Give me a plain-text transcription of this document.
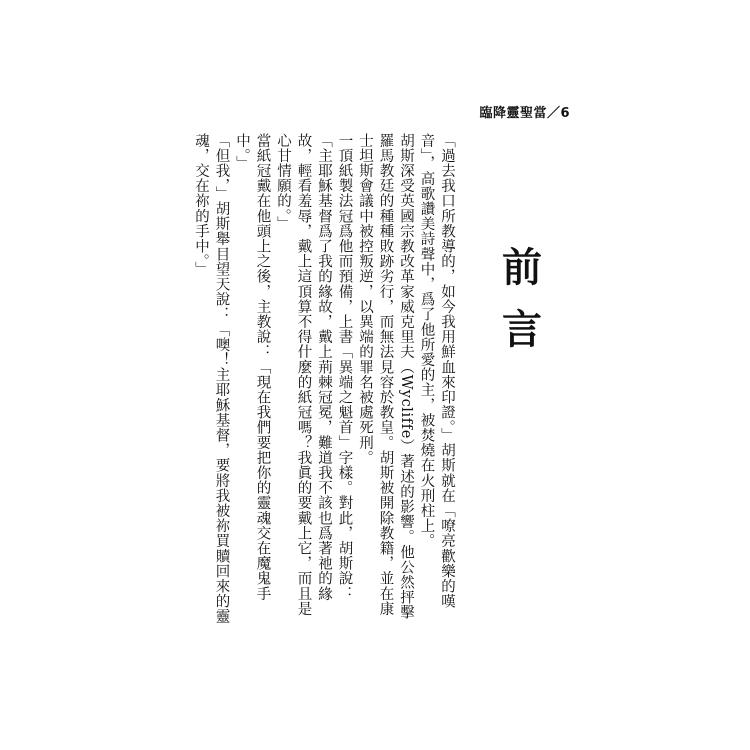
臨降靈聖當／6
前
言

「過去我口所教導的，如今我用鮮血來印證。」胡斯就在「嘹亮歡樂的嘆音」，高歌讚美詩聲中，爲了他所愛的主，被焚燒在火刑柱上。

胡斯深受英國宗教改革家威克里夫（Wycliffe）著述的影響。他公然抨擊羅馬教廷的種種敗跡劣行，而無法見容於教皇。胡斯被開除教籍，並在康士坦斯會議中被控叛逆，以異端的罪名被處死刑。

一頂紙製法冠爲他而預備，上書「異端之魁首」字樣。對此，胡斯說：「主耶穌基督爲了我的緣故，戴上荊棘冠冕，難道我不該也爲著祂的緣故，輕看羞辱，戴上這頂算不得什麼的紙冠嗎？我眞的要戴上它，而且是心甘情願的。」

當紙冠戴在他頭上之後，主教說：「現在我們要把你的靈魂交在魔鬼手中。」

「但我，」胡斯舉目望天說：「噢！主耶穌基督，要將我被祢買贖回來的靈魂，交在祢的手中。」
